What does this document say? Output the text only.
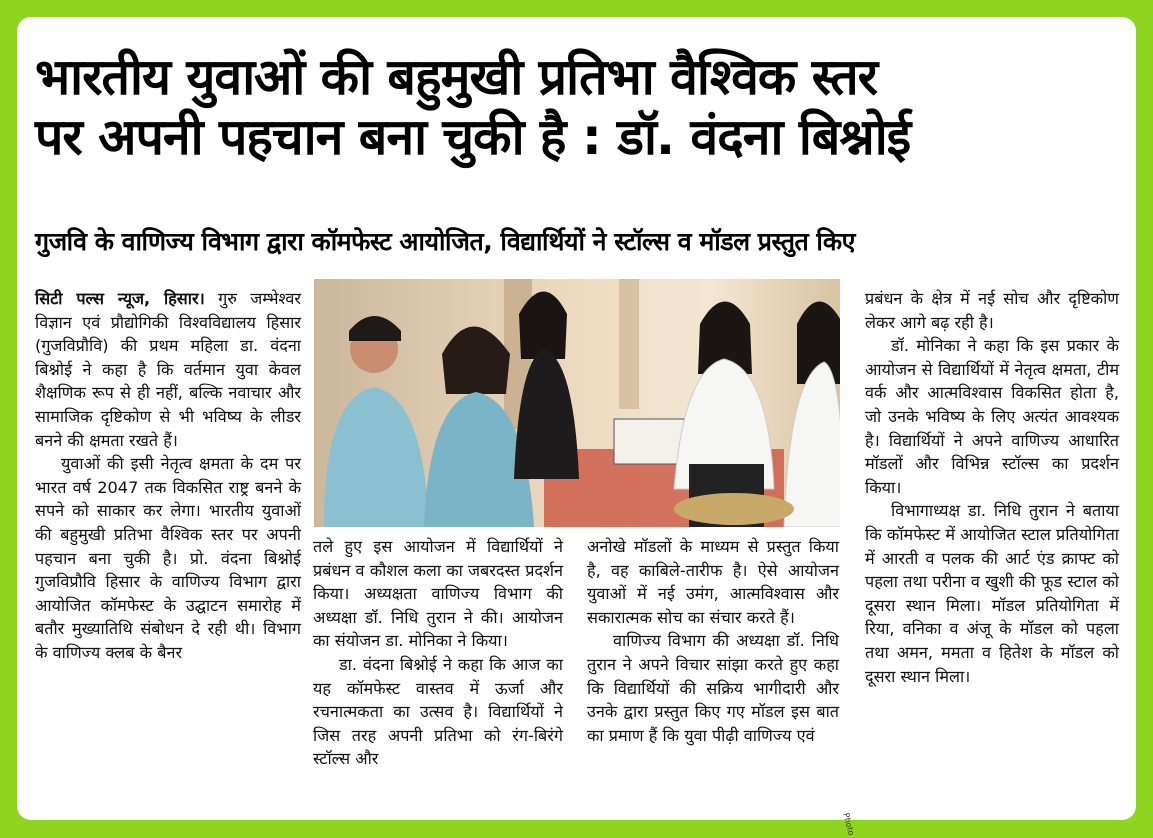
भारतीय युवाओं की बहुमुखी प्रतिभा वैश्विक स्तर
पर अपनी पहचान बना चुकी है : डॉ. वंदना बिश्नोई
गुजवि के वाणिज्य विभाग द्वारा कॉमफेस्ट आयोजित, विद्यार्थियों ने स्टॉल्स व मॉडल प्रस्तुत किए

सिटी पल्स न्यूज, हिसार। गुरु जम्भेश्वर विज्ञान एवं प्रौद्योगिकी विश्वविद्यालय हिसार (गुजविप्रौवि) की प्रथम महिला डा. वंदना बिश्नोई ने कहा है कि वर्तमान युवा केवल शैक्षणिक रूप से ही नहीं, बल्कि नवाचार और सामाजिक दृष्टिकोण से भी भविष्य के लीडर बनने की क्षमता रखते हैं।

युवाओं की इसी नेतृत्व क्षमता के दम पर भारत वर्ष 2047 तक विकसित राष्ट्र बनने के सपने को साकार कर लेगा। भारतीय युवाओं की बहुमुखी प्रतिभा वैश्विक स्तर पर अपनी पहचान बना चुकी है। प्रो. वंदना बिश्नोई गुजविप्रौवि हिसार के वाणिज्य विभाग द्वारा आयोजित कॉमफेस्ट के उद्घाटन समारोह में बतौर मुख्यातिथि संबोधन दे रही थी। विभाग के वाणिज्य क्लब के बैनर

तले हुए इस आयोजन में विद्यार्थियों ने प्रबंधन व कौशल कला का जबरदस्त प्रदर्शन किया। अध्यक्षता वाणिज्य विभाग की अध्यक्षा डॉ. निधि तुरान ने की। आयोजन का संयोजन डा. मोनिका ने किया।

डा. वंदना बिश्नोई ने कहा कि आज का यह कॉमफेस्ट वास्तव में ऊर्जा और रचनात्मकता का उत्सव है। विद्यार्थियों ने जिस तरह अपनी प्रतिभा को रंग-बिरंगे स्टॉल्स और

अनोखे मॉडलों के माध्यम से प्रस्तुत किया है, वह काबिले-तारीफ है। ऐसे आयोजन युवाओं में नई उमंग, आत्मविश्वास और सकारात्मक सोच का संचार करते हैं।

वाणिज्य विभाग की अध्यक्षा डॉ. निधि तुरान ने अपने विचार सांझा करते हुए कहा कि विद्यार्थियों की सक्रिय भागीदारी और उनके द्वारा प्रस्तुत किए गए मॉडल इस बात का प्रमाण हैं कि युवा पीढ़ी वाणिज्य एवं

प्रबंधन के क्षेत्र में नई सोच और दृष्टिकोण लेकर आगे बढ़ रही है।

डॉ. मोनिका ने कहा कि इस प्रकार के आयोजन से विद्यार्थियों में नेतृत्व क्षमता, टीम वर्क और आत्मविश्वास विकसित होता है, जो उनके भविष्य के लिए अत्यंत आवश्यक है। विद्यार्थियों ने अपने वाणिज्य आधारित मॉडलों और विभिन्न स्टॉल्स का प्रदर्शन किया।

विभागाध्यक्ष डा. निधि तुरान ने बताया कि कॉमफेस्ट में आयोजित स्टाल प्रतियोगिता में आरती व पलक की आर्ट एंड क्राफ्ट को पहला तथा परीना व खुशी की फूड स्टाल को दूसरा स्थान मिला। मॉडल प्रतियोगिता में रिया, वनिका व अंजू के मॉडल को पहला तथा अमन, ममता व हितेश के मॉडल को दूसरा स्थान मिला।

Photo
